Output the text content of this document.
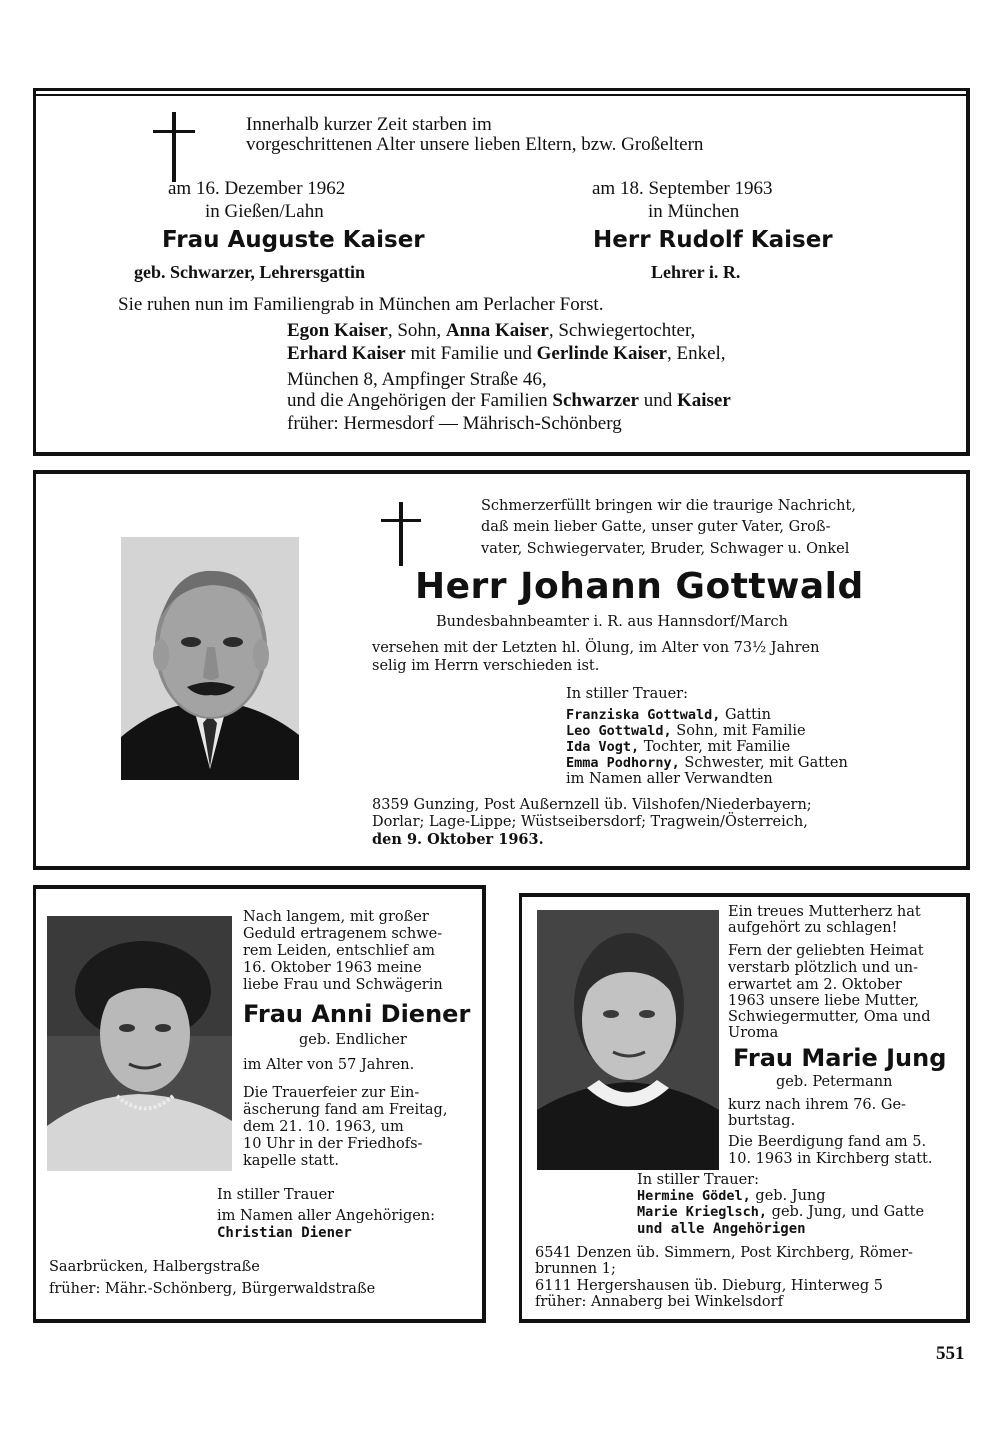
Innerhalb kurzer Zeit starben im
vorgeschrittenen Alter unsere lieben Eltern, bzw. Großeltern
am 16. Dezember 1962
in Gießen/Lahn
Frau Auguste Kaiser
geb. Schwarzer, Lehrersgattin
am 18. September 1963
in München
Herr Rudolf Kaiser
Lehrer i. R.
Sie ruhen nun im Familiengrab in München am Perlacher Forst.
Egon Kaiser, Sohn, Anna Kaiser, Schwiegertochter,
Erhard Kaiser mit Familie und Gerlinde Kaiser, Enkel,
München 8, Ampfinger Straße 46,
und die Angehörigen der Familien Schwarzer und Kaiser
früher: Hermesdorf — Mährisch-Schönberg
Schmerzerfüllt bringen wir die traurige Nachricht,
daß mein lieber Gatte, unser guter Vater, Groß-
vater, Schwiegervater, Bruder, Schwager u. Onkel
Herr Johann Gottwald
Bundesbahnbeamter i. R. aus Hannsdorf/March
versehen mit der Letzten hl. Ölung, im Alter von 73½ Jahren
selig im Herrn verschieden ist.
In stiller Trauer:
Franziska Gottwald, Gattin
Leo Gottwald, Sohn, mit Familie
Ida Vogt, Tochter, mit Familie
Emma Podhorny, Schwester, mit Gatten
im Namen aller Verwandten
8359 Gunzing, Post Außernzell üb. Vilshofen/Niederbayern;
Dorlar; Lage-Lippe; Wüstseibersdorf; Tragwein/Österreich,
den 9. Oktober 1963.
Nach langem, mit großer
Geduld ertragenem schwe-
rem Leiden, entschlief am
16. Oktober 1963 meine
liebe Frau und Schwägerin
Frau Anni Diener
geb. Endlicher
im Alter von 57 Jahren.
Die Trauerfeier zur Ein-
äscherung fand am Freitag,
dem 21. 10. 1963, um
10 Uhr in der Friedhofs-
kapelle statt.
In stiller Trauer
im Namen aller Angehörigen:
Christian Diener
Saarbrücken, Halbergstraße
früher: Mähr.-Schönberg, Bürgerwaldstraße
Ein treues Mutterherz hat
aufgehört zu schlagen!
Fern der geliebten Heimat
verstarb plötzlich und un-
erwartet am 2. Oktober
1963 unsere liebe Mutter,
Schwiegermutter, Oma und
Uroma
Frau Marie Jung
geb. Petermann
kurz nach ihrem 76. Ge-
burtstag.
Die Beerdigung fand am 5.
10. 1963 in Kirchberg statt.
In stiller Trauer:
Hermine Gödel, geb. Jung
Marie Krieglsch, geb. Jung, und Gatte
und alle Angehörigen
6541 Denzen üb. Simmern, Post Kirchberg, Römer-
brunnen 1;
6111 Hergershausen üb. Dieburg, Hinterweg 5
früher: Annaberg bei Winkelsdorf
551
